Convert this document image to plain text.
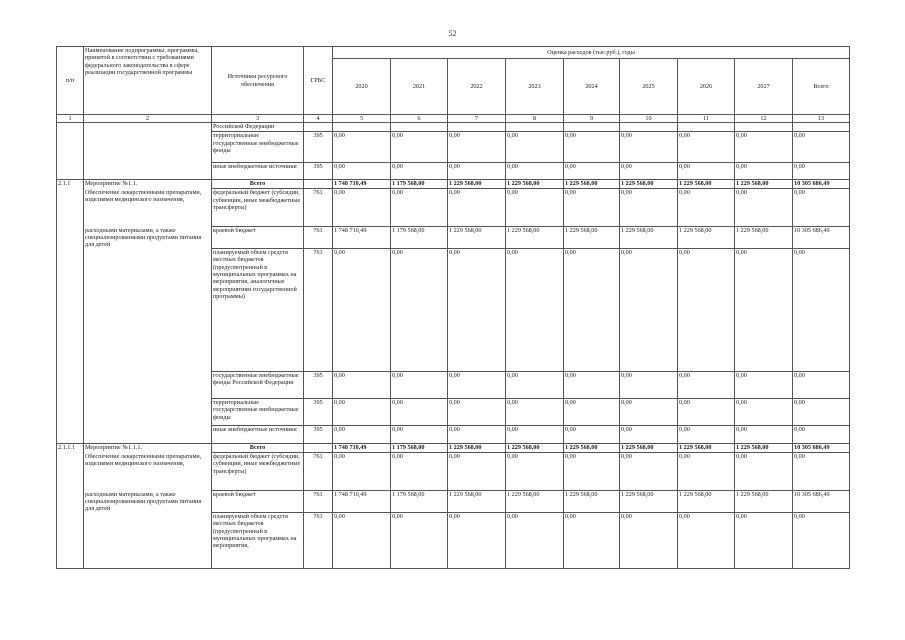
52
п/п	Наименование подпрограммы, программы, принятой в соответствии с требованиями федерального законодательства в сфере реализации государственной программы	Источники ресурсного обеспечения	ГРБС	Оценка расходов (тыс.руб.), годы								
				2020	2021	2022	2023	2024	2025	2026	2027	Всего
1	2	3	4	5	6	7	8	9	10	11	12	13
		Российской Федерации										
		территориальные государственные внебюджетные фонды	395	0,00	0,00	0,00	0,00	0,00	0,00	0,00	0,00	0,00
		иные внебюджетные источники	395	0,00	0,00	0,00	0,00	0,00	0,00	0,00	0,00	0,00
2.1.1	Мероприятие №1.1.	Всего		1 748 710,49	1 179 568,00	1 229 568,00	1 229 568,00	1 229 568,00	1 229 568,00	1 229 568,00	1 229 568,00	10 305 686,49
	Обеспечение лекарственными препаратами, изделиями медицинского назначения,	федеральный бюджет (субсидии, субвенции, иные межбюджетные трансферты)	761	0,00	0,00	0,00	0,00	0,00	0,00	0,00	0,00	0,00
	расходными материалами, а также специализированными продуктами питания для детей	краевой бюджет	761	1 748 710,49	1 179 568,00	1 229 568,00	1 229 568,00	1 229 568,00	1 229 568,00	1 229 568,00	1 229 568,00	10 305 686,49
		планируемый объем средств местных бюджетов (предусмотренный в муниципальных программах на мероприятия, аналогичные мероприятиям государственной программы)	761	0,00	0,00	0,00	0,00	0,00	0,00	0,00	0,00	0,00
		государственные внебюджетные фонды Российской Федерации	395	0,00	0,00	0,00	0,00	0,00	0,00	0,00	0,00	0,00
		территориальные государственные внебюджетные фонды	395	0,00	0,00	0,00	0,00	0,00	0,00	0,00	0,00	0,00
		иные внебюджетные источники	395	0,00	0,00	0,00	0,00	0,00	0,00	0,00	0,00	0,00
2.1.1.1	Мероприятие №1.1.1.	Всего		1 748 710,49	1 179 568,00	1 229 568,00	1 229 568,00	1 229 568,00	1 229 568,00	1 229 568,00	1 229 568,00	10 305 686,49
	Обеспечение лекарственными препаратами, изделиями медицинского назначения,	федеральный бюджет (субсидии, субвенции, иные межбюджетные трансферты)	761	0,00	0,00	0,00	0,00	0,00	0,00	0,00	0,00	0,00
	расходными материалами, а также специализированными продуктами питания для детей	краевой бюджет	761	1 748 710,49	1 179 568,00	1 229 568,00	1 229 568,00	1 229 568,00	1 229 568,00	1 229 568,00	1 229 568,00	10 305 686,49
		планируемый объем средств местных бюджетов (предусмотренный в муниципальных программах на мероприятия,	761	0,00	0,00	0,00	0,00	0,00	0,00	0,00	0,00	0,00
